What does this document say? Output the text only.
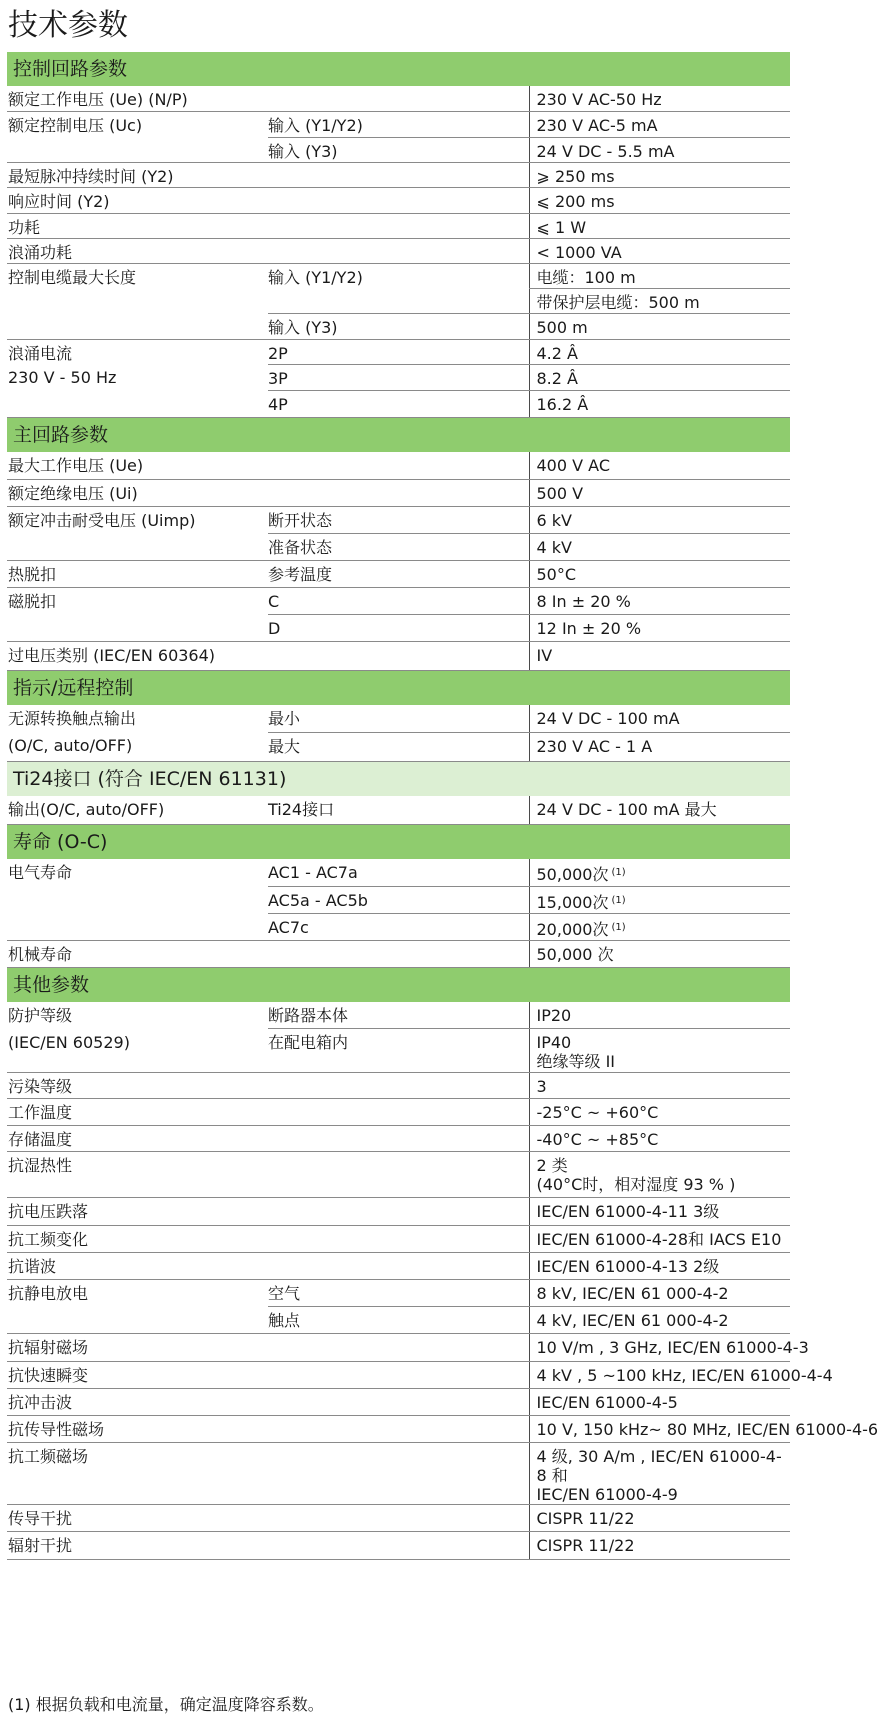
技术参数
控制回路参数		
额定工作电压 (Ue) (N/P)		230 V AC-50 Hz
额定控制电压 (Uc)	输入 (Y1/Y2)	230 V AC-5 mA
	输入 (Y3)	24 V DC - 5.5 mA
最短脉冲持续时间 (Y2)		⩾ 250 ms
响应时间 (Y2)		⩽ 200 ms
功耗		⩽ 1 W
浪涌功耗		< 1000 VA
控制电缆最大长度	输入 (Y1/Y2)	电缆：100 m
		带保护层电缆：500 m
	输入 (Y3)	500 m
浪涌电流	2P	4.2 Â
230 V - 50 Hz	3P	8.2 Â
	4P	16.2 Â
主回路参数		
最大工作电压 (Ue)		400 V AC
额定绝缘电压 (Ui)		500 V
额定冲击耐受电压 (Uimp)	断开状态	6 kV
	准备状态	4 kV
热脱扣	参考温度	50°C
磁脱扣	C	8 In ± 20 %
	D	12 In ± 20 %
过电压类别 (IEC/EN 60364)		IV
指示/远程控制		
无源转换触点输出	最小	24 V DC - 100 mA
(O/C, auto/OFF)	最大	230 V AC - 1 A
Ti24接口 (符合 IEC/EN 61131)		
输出(O/C, auto/OFF)	Ti24接口	24 V DC - 100 mA 最大
寿命 (O-C)		
电气寿命	AC1 - AC7a	50,000次 $^{(1)}$
	AC5a - AC5b	15,000次 $^{(1)}$
	AC7c	20,000次 $^{(1)}$
机械寿命		50,000 次
其他参数		
防护等级	断路器本体	IP20
(IEC/EN 60529)	在配电箱内	IP40
绝缘等级 II
污染等级		3
工作温度		-25°C ~ +60°C
存储温度		-40°C ~ +85°C
抗湿热性		2 类
(40°C时，相对湿度 93 % )
抗电压跌落		IEC/EN 61000-4-11 3级
抗工频变化		IEC/EN 61000-4-28和 IACS E10
抗谐波		IEC/EN 61000-4-13 2级
抗静电放电	空气	8 kV, IEC/EN 61 000-4-2
	触点	4 kV, IEC/EN 61 000-4-2
抗辐射磁场		10 V/m , 3 GHz, IEC/EN 61000-4-3
抗快速瞬变		4 kV , 5 ~100 kHz, IEC/EN 61000-4-4
抗冲击波		IEC/EN 61000-4-5
抗传导性磁场		10 V, 150 kHz~ 80 MHz, IEC/EN 61000-4-6
抗工频磁场		4 级, 30 A/m , IEC/EN 61000-4-8 和
IEC/EN 61000-4-9
传导干扰		CISPR 11/22
辐射干扰		CISPR 11/22
(1) 根据负载和电流量，确定温度降容系数。
